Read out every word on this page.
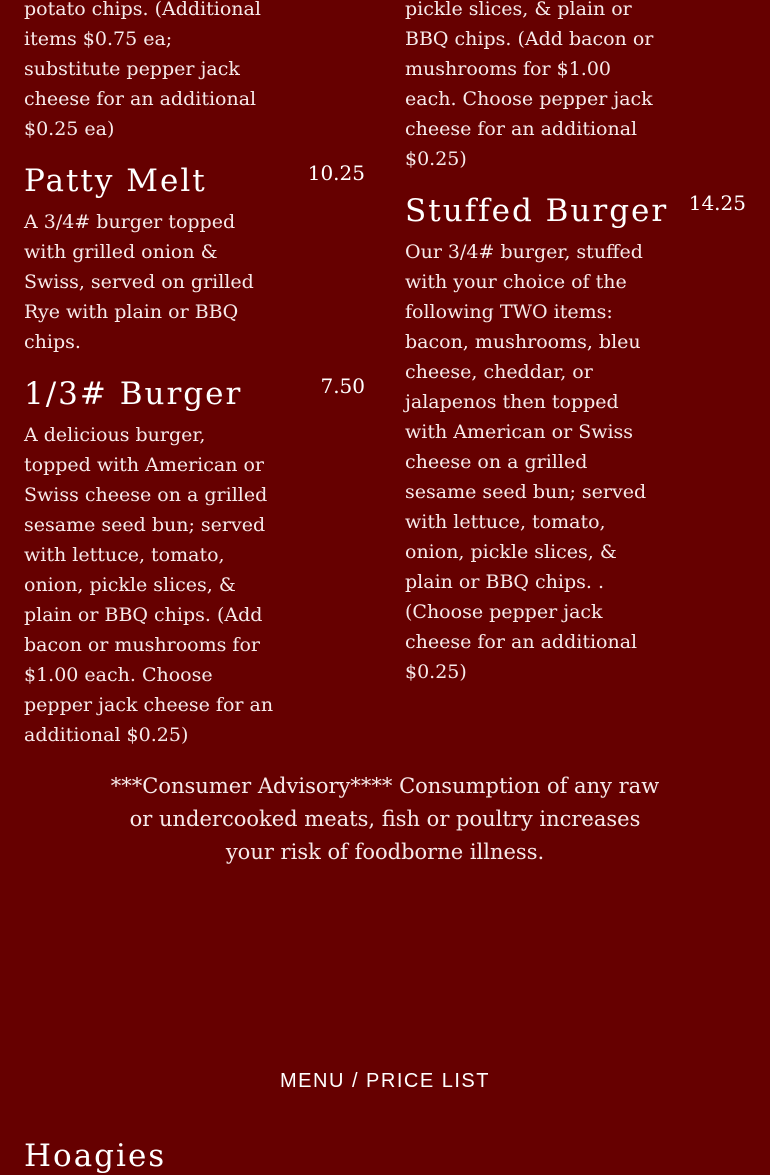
potato chips. (Additional items $0.75 ea; substitute pepper jack cheese for an additional $0.25 ea)

Patty Melt	10.25

A 3/4# burger topped with grilled onion & Swiss, served on grilled Rye with plain or BBQ chips.

1/3# Burger	7.50

A delicious burger, topped with American or Swiss cheese on a grilled sesame seed bun; served with lettuce, tomato, onion, pickle slices, & plain or BBQ chips. (Add bacon or mushrooms for $1.00 each. Choose pepper jack cheese for an additional $0.25)

pickle slices, & plain or BBQ chips. (Add bacon or mushrooms for $1.00 each. Choose pepper jack cheese for an additional $0.25)

Stuffed Burger	14.25

Our 3/4# burger, stuffed with your choice of the following TWO items: bacon, mushrooms, bleu cheese, cheddar, or jalapenos then topped with American or Swiss cheese on a grilled sesame seed bun; served with lettuce, tomato, onion, pickle slices, & plain or BBQ chips. . (Choose pepper jack cheese for an additional $0.25)

***Consumer Advisory**** Consumption of any raw or undercooked meats, fish or poultry increases your risk of foodborne illness.
MENU / PRICE LIST
Hoagies
